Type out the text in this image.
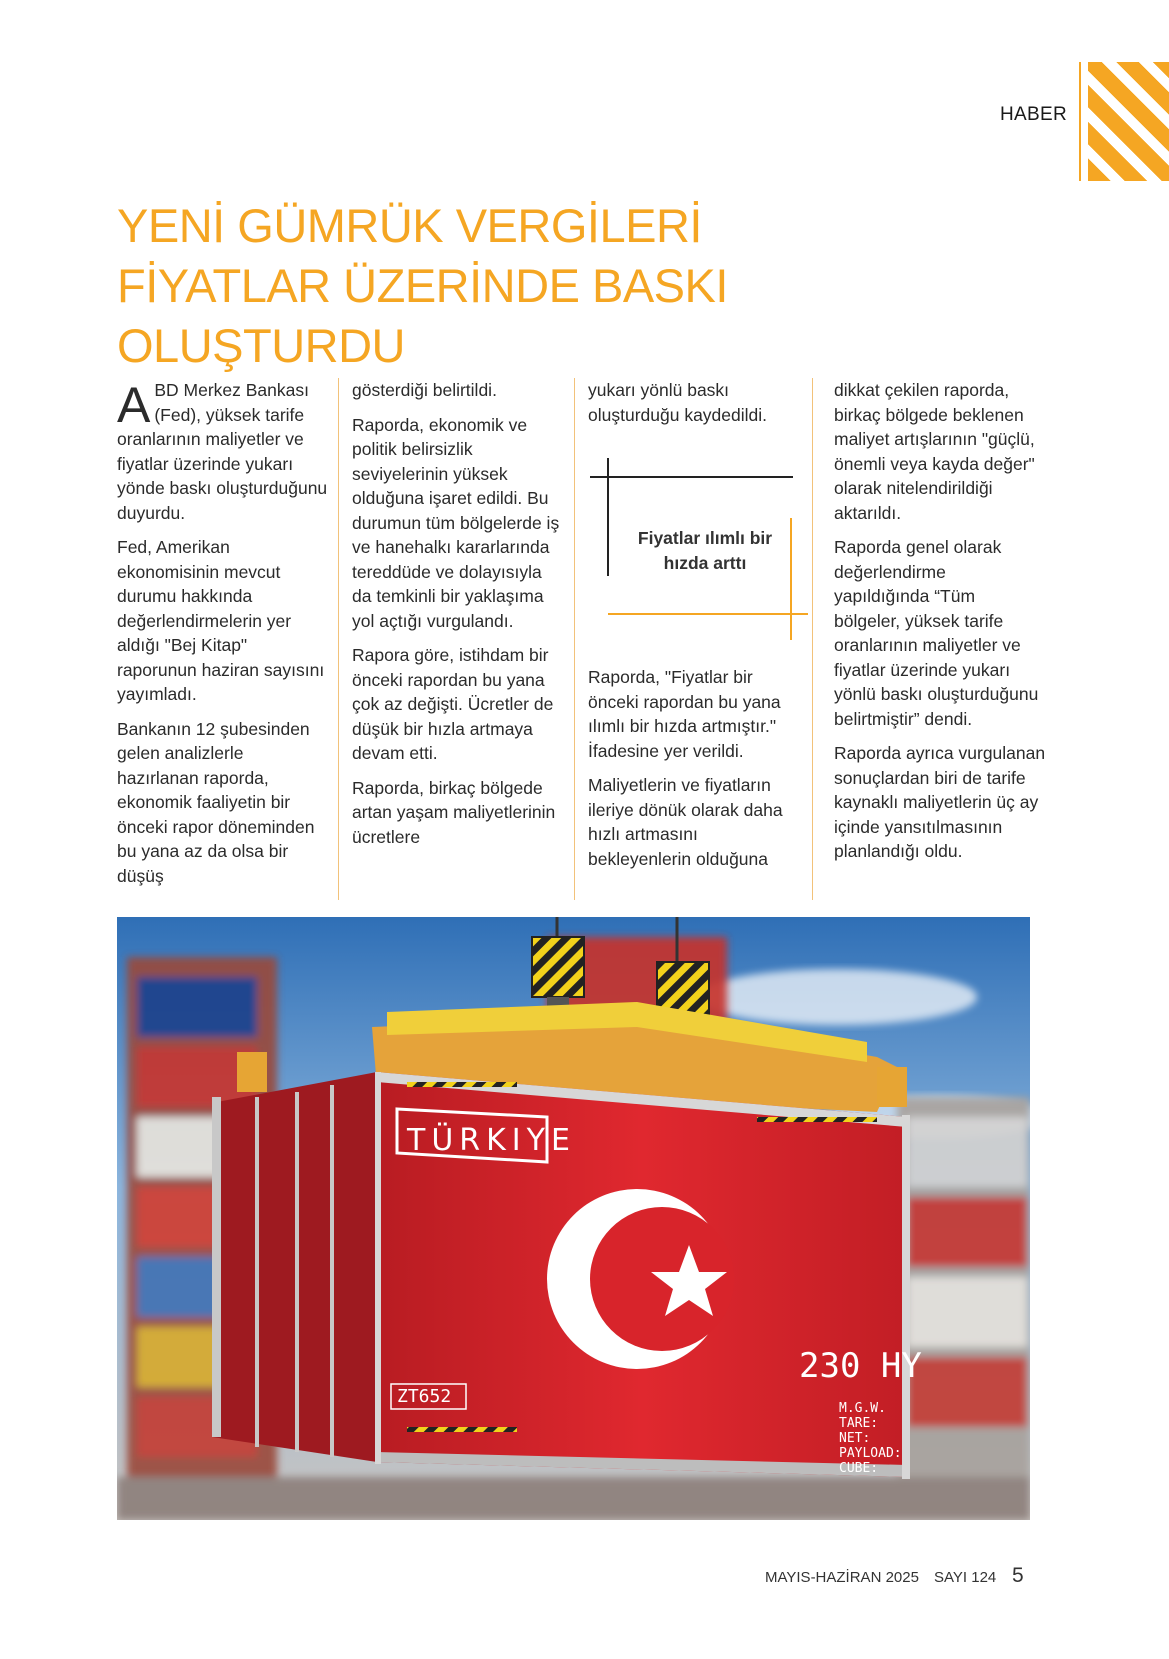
HABER
YENİ GÜMRÜK VERGİLERİ
FİYATLAR ÜZERİNDE BASKI
OLUŞTURDU

ABD Merkez Bankası (Fed), yüksek tarife oranlarının maliyetler ve fiyatlar üzerinde yukarı yönde baskı oluşturduğunu duyurdu.

Fed, Amerikan ekonomisinin mevcut durumu hakkında değerlendirmelerin yer aldığı "Bej Kitap" raporunun haziran sayısını yayımladı.

Bankanın 12 şubesinden gelen analizlerle hazırlanan raporda, ekonomik faaliyetin bir önceki rapor döneminden bu yana az da olsa bir düşüş

gösterdiği belirtildi.

Raporda, ekonomik ve politik belirsizlik seviyelerinin yüksek olduğuna işaret edildi. Bu durumun tüm bölgelerde iş ve hanehalkı kararlarında tereddüde ve dolayısıyla da temkinli bir yaklaşıma yol açtığı vurgulandı.

Rapora göre, istihdam bir önceki rapordan bu yana çok az değişti. Ücretler de düşük bir hızla artmaya devam etti.

Raporda, birkaç bölgede artan yaşam maliyetlerinin ücretlere

yukarı yönlü baskı oluşturduğu kaydedildi.

Fiyatlar ılımlı bir hızda arttı

Raporda, "Fiyatlar bir önceki rapordan bu yana ılımlı bir hızda artmıştır." İfadesine yer verildi.

Maliyetlerin ve fiyatların ileriye dönük olarak daha hızlı artmasını bekleyenlerin olduğuna

dikkat çekilen raporda, birkaç bölgede beklenen maliyet artışlarının "güçlü, önemli veya kayda değer" olarak nitelendirildiği aktarıldı.

Raporda genel olarak değerlendirme yapıldığında “Tüm bölgeler, yüksek tarife oranlarının maliyetler ve fiyatlar üzerinde yukarı yönlü baskı oluşturduğunu belirtmiştir” dendi.

Raporda ayrıca vurgulanan sonuçlardan biri de tarife kaynaklı maliyetlerin üç ay içinde yansıtılmasının planlandığı oldu.

TÜRKIYE
ZT652
230 HY
M.G.W.
TARE:
NET:
PAYLOAD:
CUBE:
MAYIS-HAZİRAN 2025 SAYI 124 5
